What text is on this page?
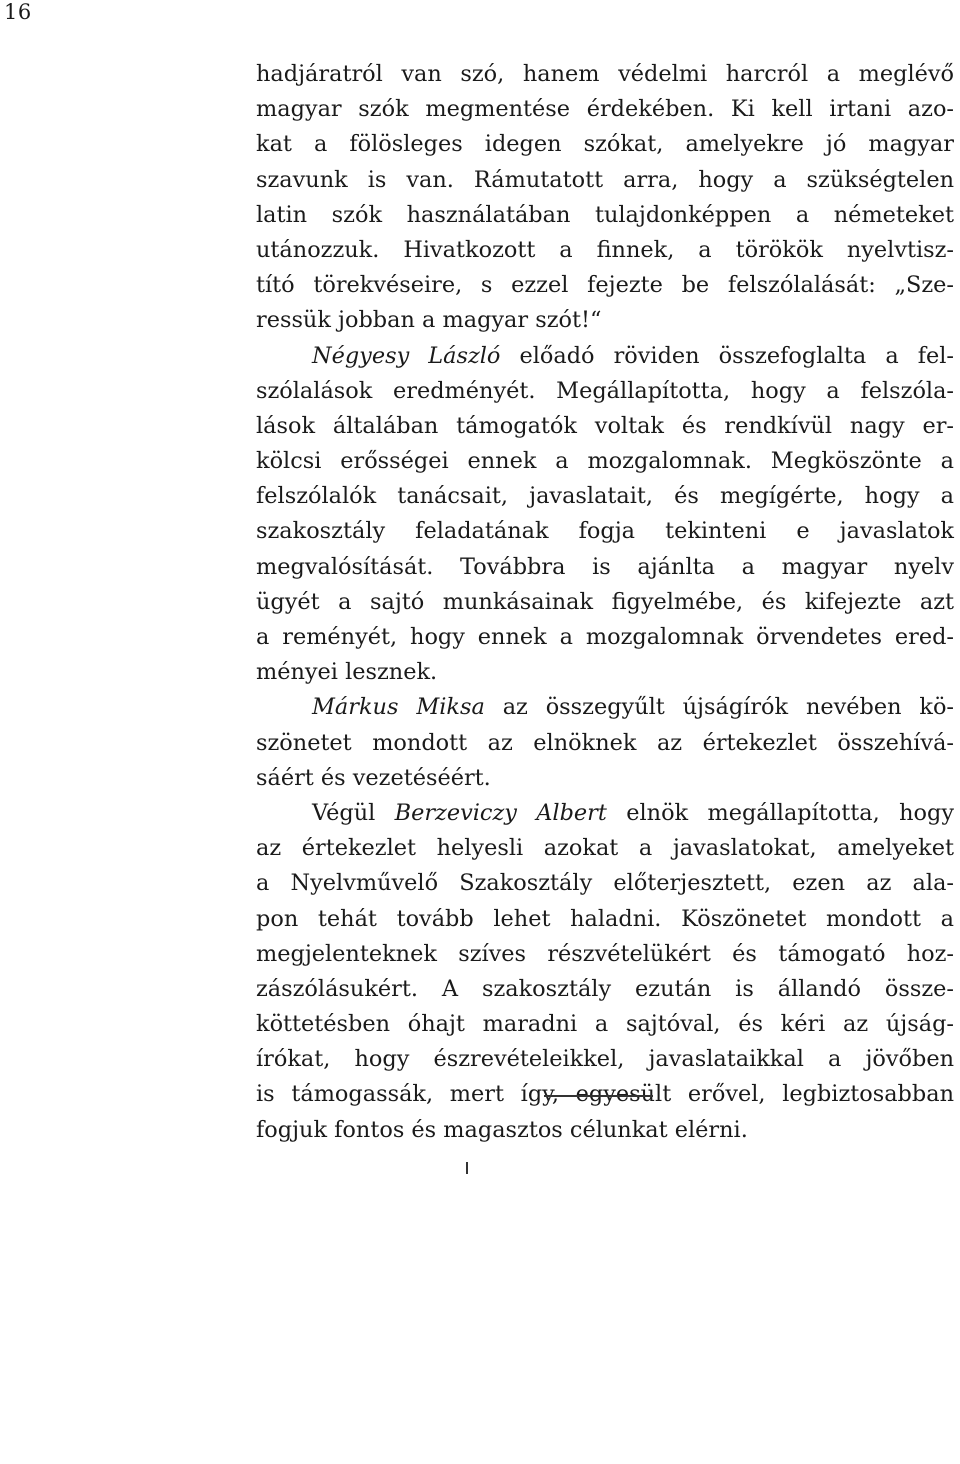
16
hadjáratról van szó, hanem védelmi harcról a meglévő
magyar szók megmentése érdekében. Ki kell irtani azo-
kat a fölösleges idegen szókat, amelyekre jó magyar
szavunk is van. Rámutatott arra, hogy a szükségtelen
latin szók használatában tulajdonképpen a németeket
utánozzuk. Hivatkozott a finnek, a törökök nyelvtisz-
tító törekvéseire, s ezzel fejezte be felszólalását: „Sze-
ressük jobban a magyar szót!“
Négyesy László előadó röviden összefoglalta a fel-
szólalások eredményét. Megállapította, hogy a felszóla-
lások általában támogatók voltak és rendkívül nagy er-
kölcsi erősségei ennek a mozgalomnak. Megköszönte a
felszólalók tanácsait, javaslatait, és megígérte, hogy a
szakosztály feladatának fogja tekinteni e javaslatok
megvalósítását. Továbbra is ajánlta a magyar nyelv
ügyét a sajtó munkásainak figyelmébe, és kifejezte azt
a reményét, hogy ennek a mozgalomnak örvendetes ered-
ményei lesznek.
Márkus Miksa az összegyűlt újságírók nevében kö-
szönetet mondott az elnöknek az értekezlet összehívá-
sáért és vezetéséért.
Végül Berzeviczy Albert elnök megállapította, hogy
az értekezlet helyesli azokat a javaslatokat, amelyeket
a Nyelvművelő Szakosztály előterjesztett, ezen az ala-
pon tehát tovább lehet haladni. Köszönetet mondott a
megjelenteknek szíves részvételükért és támogató hoz-
zászólásukért. A szakosztály ezután is állandó össze-
köttetésben óhajt maradni a sajtóval, és kéri az újság-
írókat, hogy észrevételeikkel, javaslataikkal a jövőben
is támogassák, mert így, egyesült erővel, legbiztosabban
fogjuk fontos és magasztos célunkat elérni.
